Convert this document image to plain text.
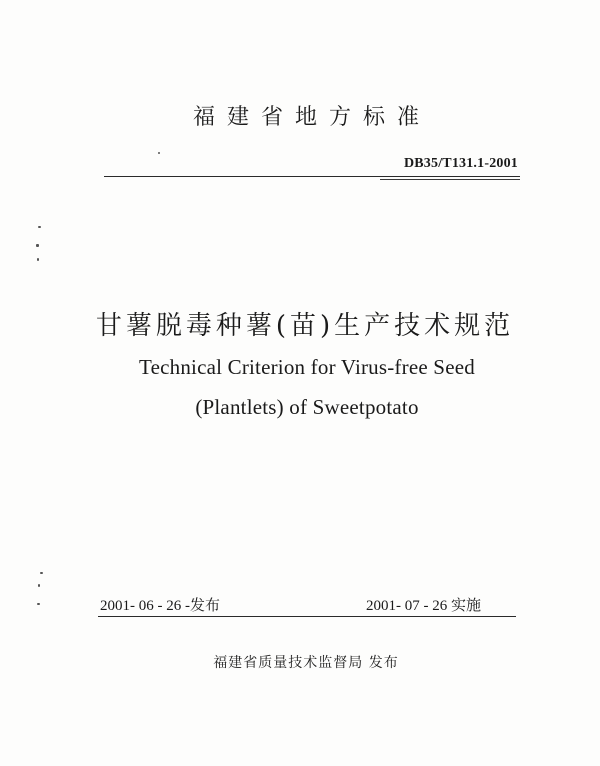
福建省地方标准
DB35/T131.1-2001
甘薯脱毒种薯(苗)生产技术规范
Technical Criterion for Virus-free Seed
(Plantlets) of Sweetpotato
2001- 06 - 26 -发布	2001- 07 - 26 实施
福建省质量技术监督局 发布
